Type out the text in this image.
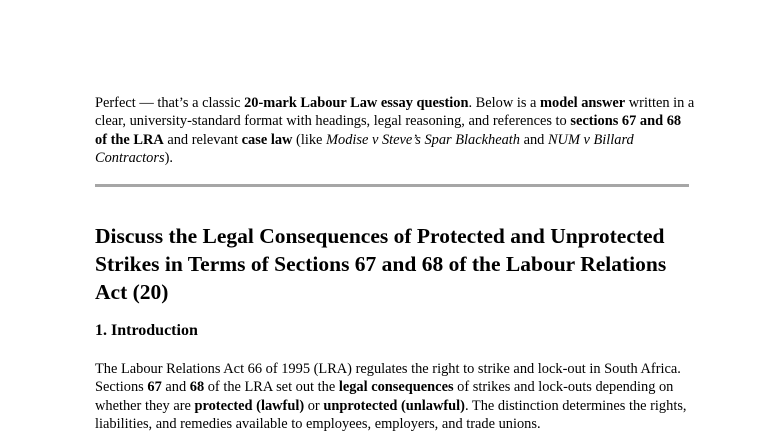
Perfect — that’s a classic 20-mark Labour Law essay question. Below is a model answer written in a clear, university-standard format with headings, legal reasoning, and references to sections 67 and 68 of the LRA and relevant case law (like Modise v Steve’s Spar Blackheath and NUM v Billard Contractors).

Discuss the Legal Consequences of Protected and Unprotected Strikes in Terms of Sections 67 and 68 of the Labour Relations Act (20)
1. Introduction

The Labour Relations Act 66 of 1995 (LRA) regulates the right to strike and lock-out in South Africa. Sections 67 and 68 of the LRA set out the legal consequences of strikes and lock-outs depending on whether they are protected (lawful) or unprotected (unlawful). The distinction determines the rights, liabilities, and remedies available to employees, employers, and trade unions.
